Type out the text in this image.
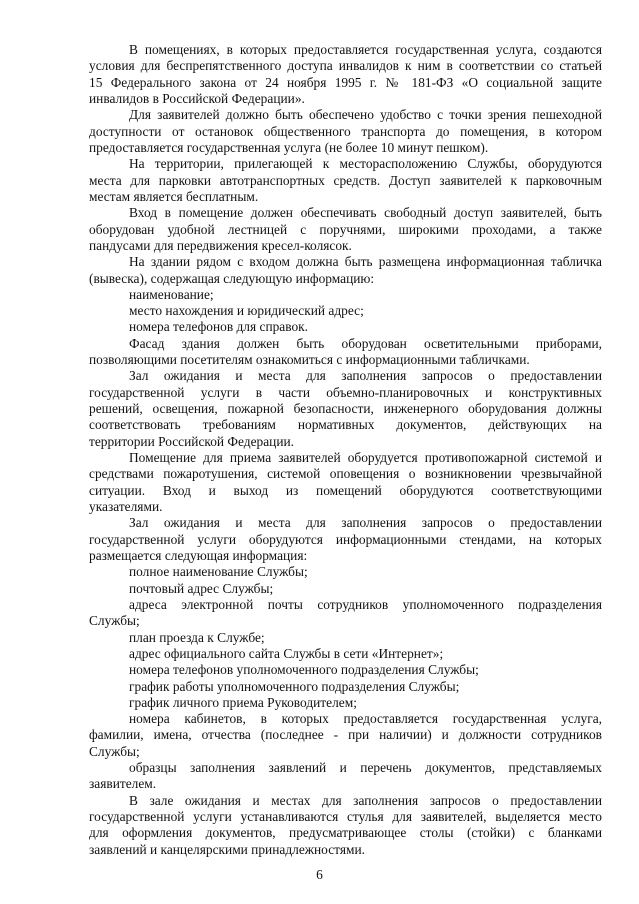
В помещениях, в которых предоставляется государственная услуга, создаются
условия для беспрепятственного доступа инвалидов к ним в соответствии со статьей
15 Федерального закона от 24 ноября 1995 г. № 181-ФЗ «О социальной защите
инвалидов в Российской Федерации».
Для заявителей должно быть обеспечено удобство с точки зрения пешеходной
доступности от остановок общественного транспорта до помещения, в котором
предоставляется государственная услуга (не более 10 минут пешком).
На территории, прилегающей к месторасположению Службы, оборудуются
места для парковки автотранспортных средств. Доступ заявителей к парковочным
местам является бесплатным.
Вход в помещение должен обеспечивать свободный доступ заявителей, быть
оборудован удобной лестницей с поручнями, широкими проходами, а также
пандусами для передвижения кресел-колясок.
На здании рядом с входом должна быть размещена информационная табличка
(вывеска), содержащая следующую информацию:
наименование;
место нахождения и юридический адрес;
номера телефонов для справок.
Фасад здания должен быть оборудован осветительными приборами,
позволяющими посетителям ознакомиться с информационными табличками.
Зал ожидания и места для заполнения запросов о предоставлении
государственной услуги в части объемно-планировочных и конструктивных
решений, освещения, пожарной безопасности, инженерного оборудования должны
соответствовать требованиям нормативных документов, действующих на
территории Российской Федерации.
Помещение для приема заявителей оборудуется противопожарной системой и
средствами пожаротушения, системой оповещения о возникновении чрезвычайной
ситуации. Вход и выход из помещений оборудуются соответствующими
указателями.
Зал ожидания и места для заполнения запросов о предоставлении
государственной услуги оборудуются информационными стендами, на которых
размещается следующая информация:
полное наименование Службы;
почтовый адрес Службы;
адреса электронной почты сотрудников уполномоченного подразделения
Службы;
план проезда к Службе;
адрес официального сайта Службы в сети «Интернет»;
номера телефонов уполномоченного подразделения Службы;
график работы уполномоченного подразделения Службы;
график личного приема Руководителем;
номера кабинетов, в которых предоставляется государственная услуга,
фамилии, имена, отчества (последнее - при наличии) и должности сотрудников
Службы;
образцы заполнения заявлений и перечень документов, представляемых
заявителем.
В зале ожидания и местах для заполнения запросов о предоставлении
государственной услуги устанавливаются стулья для заявителей, выделяется место
для оформления документов, предусматривающее столы (стойки) с бланками
заявлений и канцелярскими принадлежностями.
6
